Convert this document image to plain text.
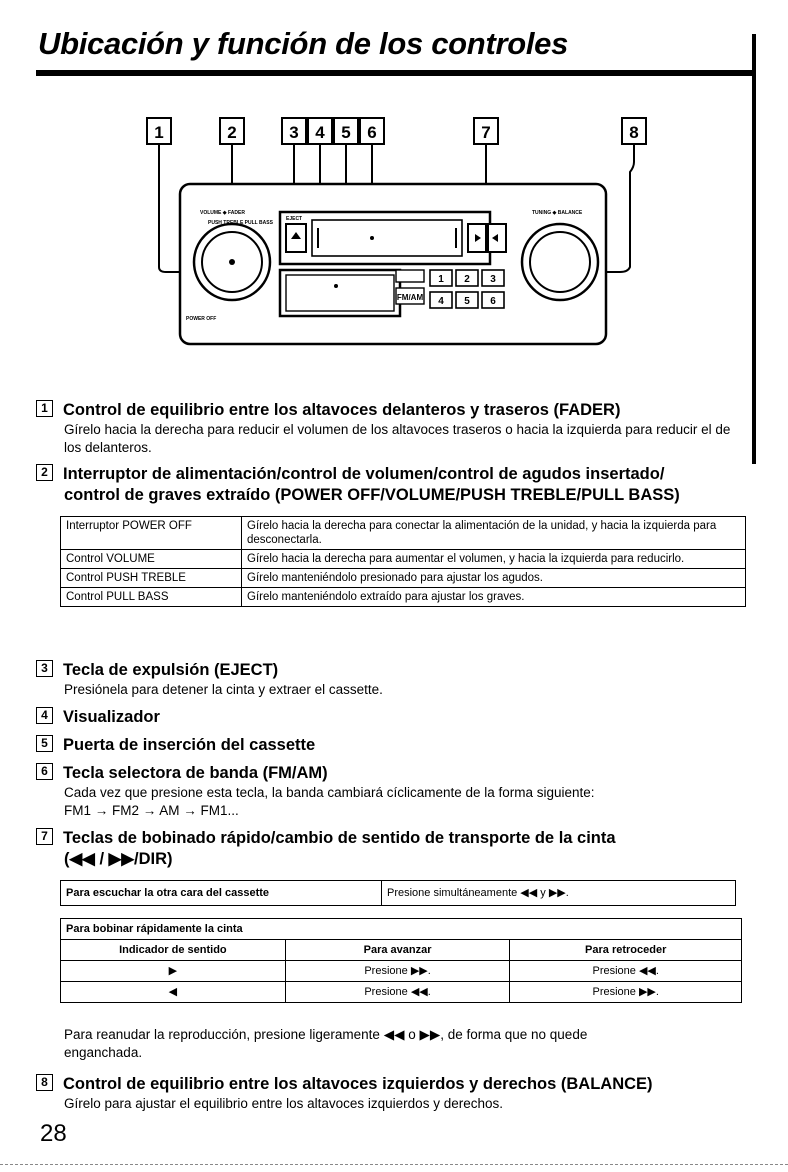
Ubicación y función de los controles
1	2	3 4 5 6	7	8
FM/AM
1 2 3
4 5 6
VOLUME ◆ FADER
PUSH TREBLE PULL BASS
POWER OFF
TUNING ◆ BALANCE
EJECT

1 Control de equilibrio entre los altavoces delanteros y traseros (FADER)

Gírelo hacia la derecha para reducir el volumen de los altavoces traseros o hacia la izquierda para reducir el de los delanteros.

2 Interruptor de alimentación/control de volumen/control de agudos insertado/

control de graves extraído (POWER OFF/VOLUME/PUSH TREBLE/PULL BASS)

Interruptor POWER OFF	Gírelo hacia la derecha para conectar la alimentación de la unidad, y hacia la izquierda para desconectarla.
Control VOLUME	Gírelo hacia la derecha para aumentar el volumen, y hacia la izquierda para reducirlo.
Control PUSH TREBLE	Gírelo manteniéndolo presionado para ajustar los agudos.
Control PULL BASS	Gírelo manteniéndolo extraído para ajustar los graves.

3 Tecla de expulsión (EJECT)

Presiónela para detener la cinta y extraer el cassette.

4 Visualizador

5 Puerta de inserción del cassette

6 Tecla selectora de banda (FM/AM)

Cada vez que presione esta tecla, la banda cambiará cíclicamente de la forma siguiente:

FM1 → FM2 → AM → FM1...

7 Teclas de bobinado rápido/cambio de sentido de transporte de la cinta

(◀◀ / ▶▶/DIR)

Para escuchar la otra cara del cassette	Presione simultáneamente ◀◀ y ▶▶.
Para bobinar rápidamente la cinta		
Indicador de sentido	Para avanzar	Para retroceder
▶	Presione ▶▶.	Presione ◀◀.
◀	Presione ◀◀.	Presione ▶▶.

Para reanudar la reproducción, presione ligeramente ◀◀ o ▶▶, de forma que no quede

enganchada.

8 Control de equilibrio entre los altavoces izquierdos y derechos (BALANCE)

Gírelo para ajustar el equilibrio entre los altavoces izquierdos y derechos.

28
